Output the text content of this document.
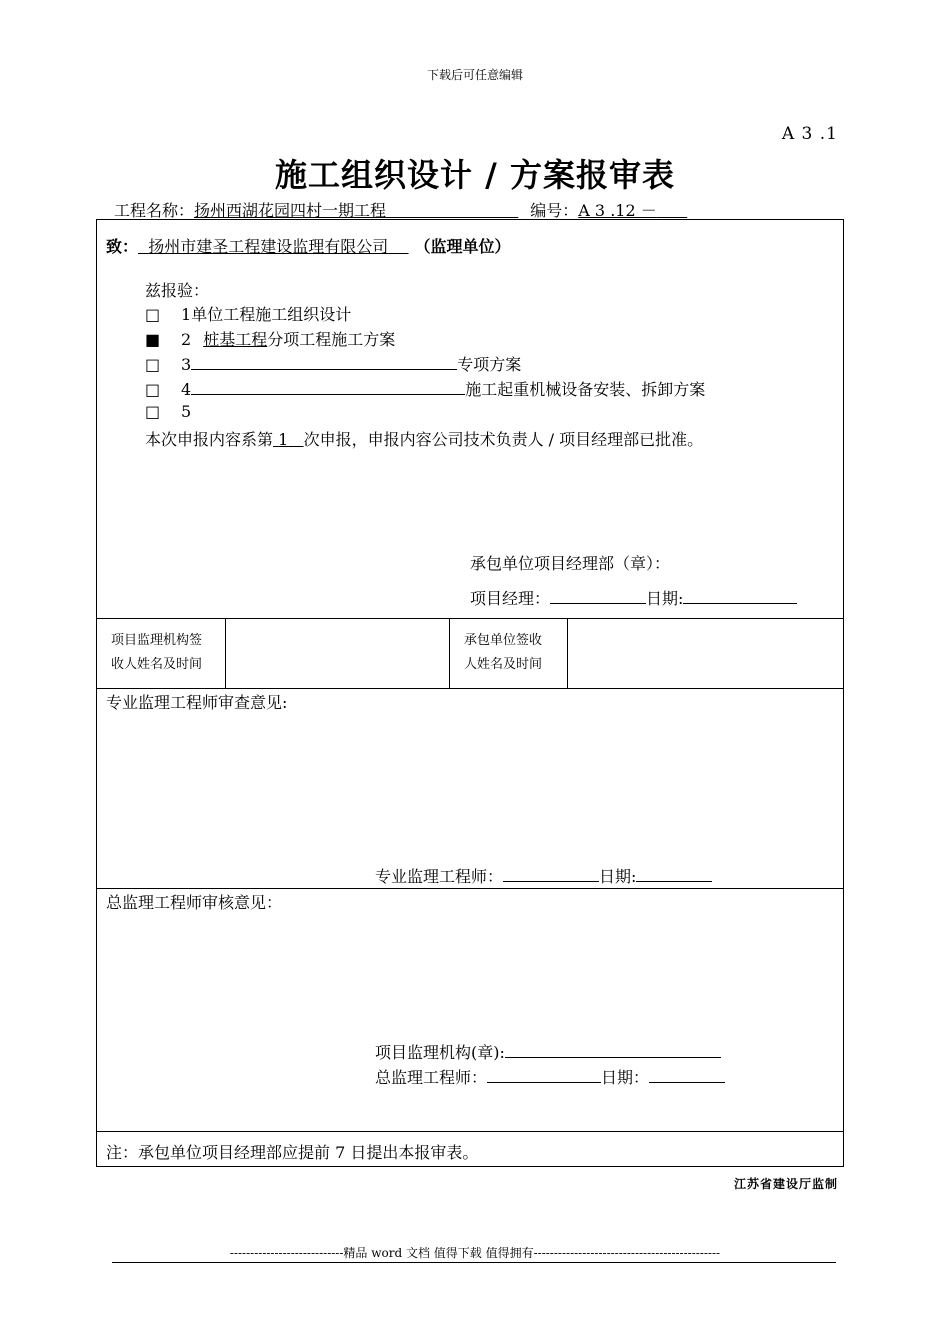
下载后可任意编辑
A 3 .1
施工组织设计 / 方案报审表
工程名称：扬州西湖花园四村一期工程	编号：A 3 .12 －
致： 扬州市建圣工程建设监理有限公司 （监理单位）
兹报验：
□ 1单位工程施工组织设计
■ 2 桩基工程分项工程施工方案
□ 3	专项方案
□ 4	施工起重机械设备安装、拆卸方案
□ 5
本次申报内容系第 1 次申报，申报内容公司技术负责人 / 项目经理部已批准。
承包单位项目经理部（章）：
项目经理：	日期:
项目监理机构签
收人姓名及时间
承包单位签收
人姓名及时间
专业监理工程师审查意见:
专业监理工程师：	日期:
总监理工程师审核意见：
项目监理机构(章):
总监理工程师：	日期：
注：承包单位项目经理部应提前 7 日提出本报审表。
江苏省建设厅监制
----------------------------精品 word 文档 值得下载 值得拥有----------------------------------------------
